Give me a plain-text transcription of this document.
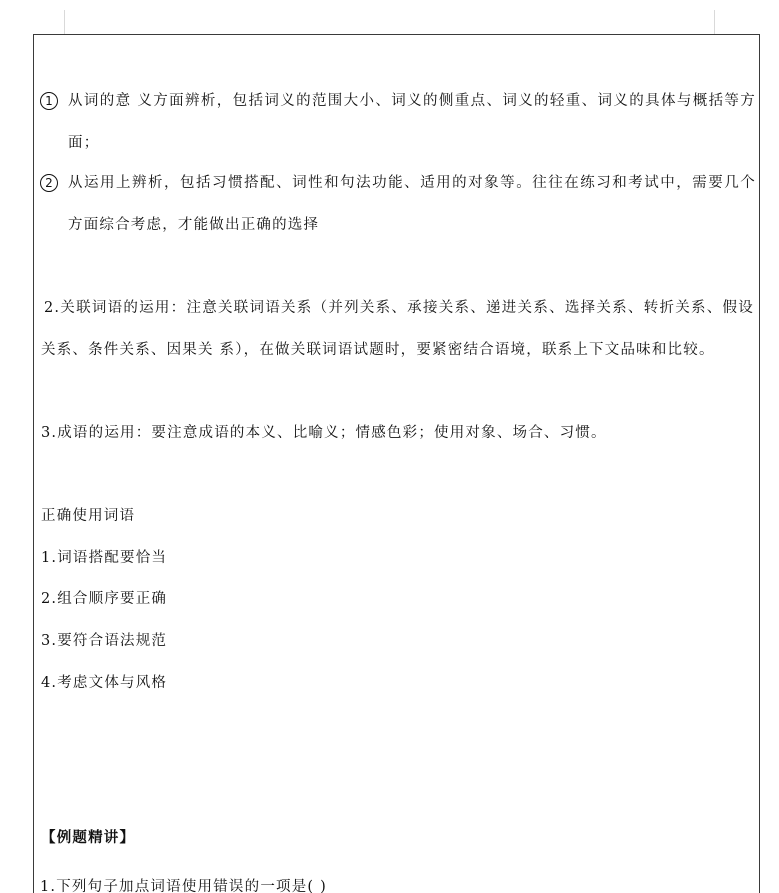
1	从词的意 义方面辨析，包括词义的范围大小、词义的侧重点、词义的轻重、词义的具体与概括等方
面；
2	从运用上辨析，包括习惯搭配、词性和句法功能、适用的对象等。往往在练习和考试中，需要几个
方面综合考虑，才能做出正确的选择
2.关联词语的运用：注意关联词语关系（并列关系、承接关系、递进关系、选择关系、转折关系、假设
关系、条件关系、因果关 系），在做关联词语试题时，要紧密结合语境，联系上下文品味和比较。
3.成语的运用：要注意成语的本义、比喻义；情感色彩；使用对象、场合、习惯。
正确使用词语
1.词语搭配要恰当
2.组合顺序要正确
3.要符合语法规范
4.考虑文体与风格
【例题精讲】
1.下列句子加点词语使用错误的一项是( )
